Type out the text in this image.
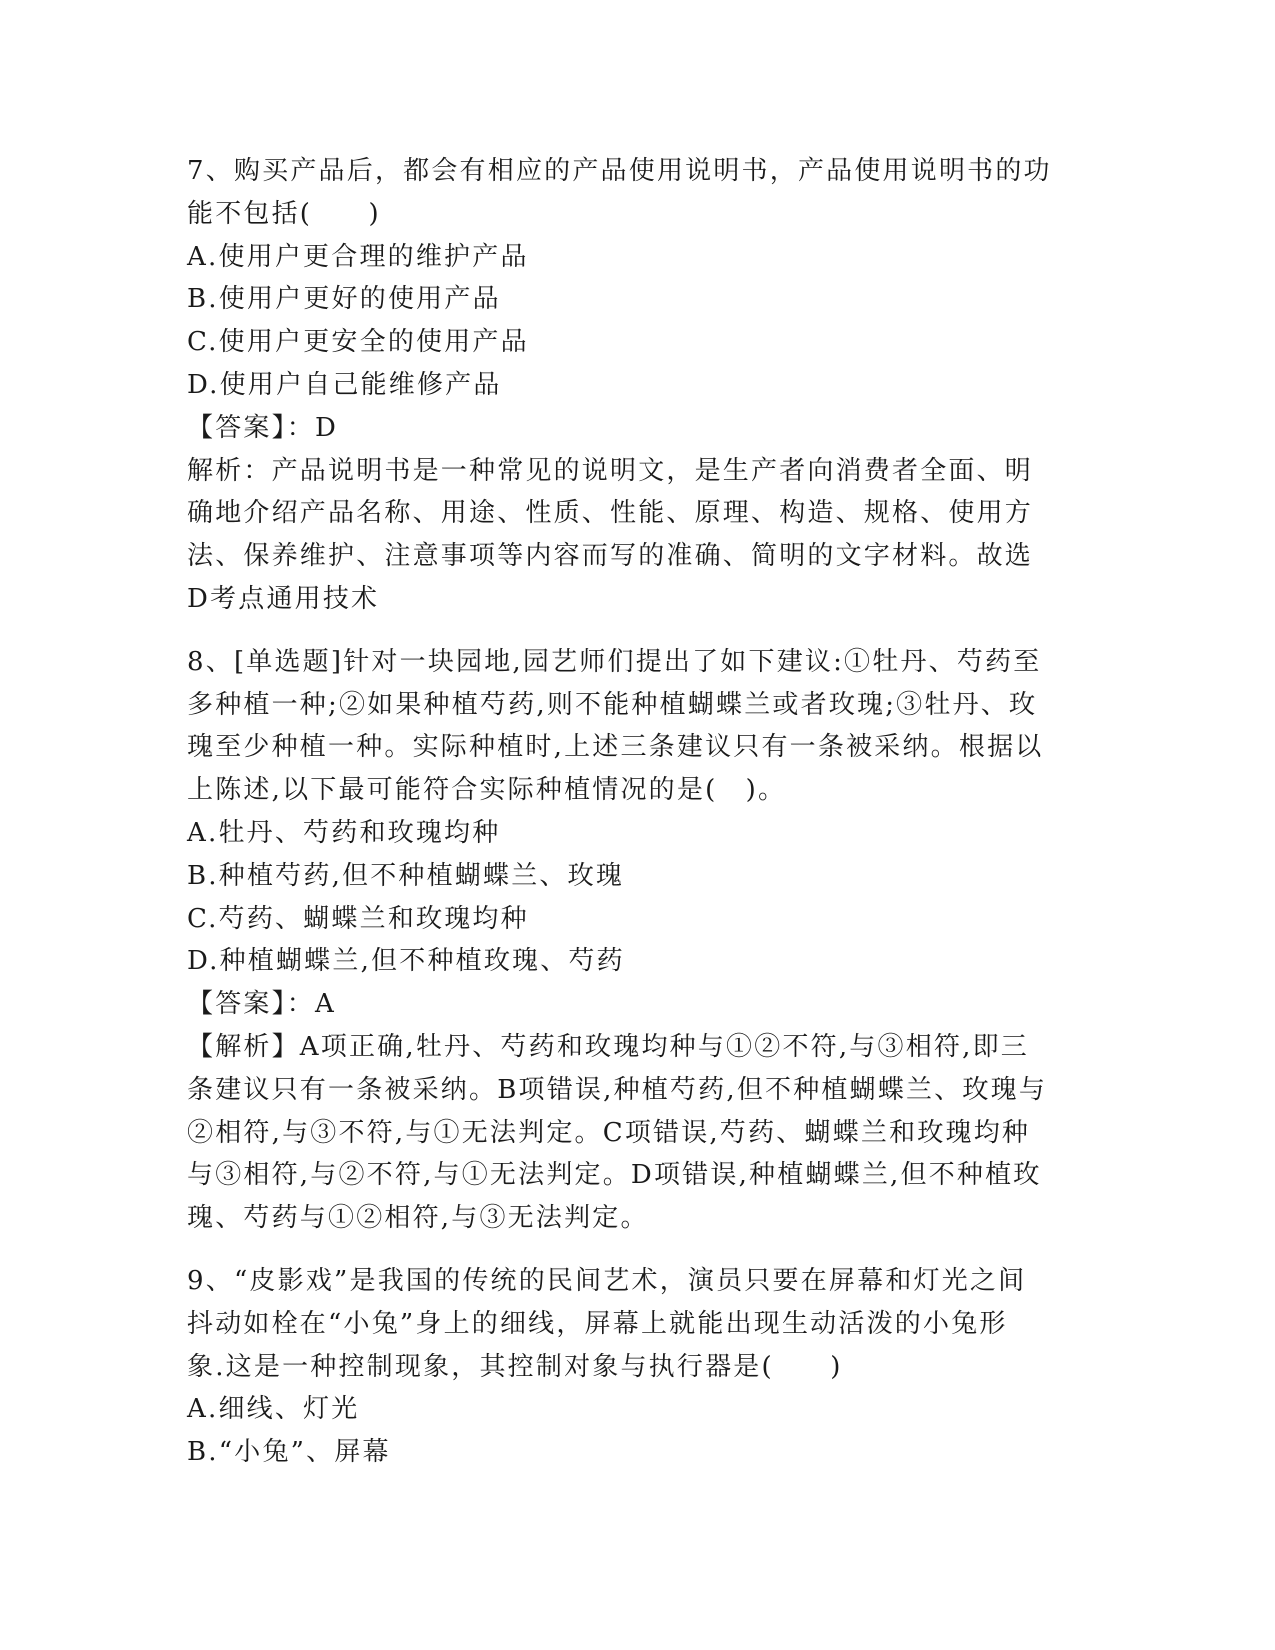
7、购买产品后，都会有相应的产品使用说明书，产品使用说明书的功
能不包括(　　)
A.使用户更合理的维护产品
B.使用户更好的使用产品
C.使用户更安全的使用产品
D.使用户自己能维修产品
【答案】：D
解析：产品说明书是一种常见的说明文，是生产者向消费者全面、明
确地介绍产品名称、用途、性质、性能、原理、构造、规格、使用方
法、保养维护、注意事项等内容而写的准确、简明的文字材料。故选
D考点通用技术
8、[单选题]针对一块园地,园艺师们提出了如下建议:①牡丹、芍药至
多种植一种;②如果种植芍药,则不能种植蝴蝶兰或者玫瑰;③牡丹、玫
瑰至少种植一种。实际种植时,上述三条建议只有一条被采纳。根据以
上陈述,以下最可能符合实际种植情况的是(　)。
A.牡丹、芍药和玫瑰均种
B.种植芍药,但不种植蝴蝶兰、玫瑰
C.芍药、蝴蝶兰和玫瑰均种
D.种植蝴蝶兰,但不种植玫瑰、芍药
【答案】：A
【解析】A项正确,牡丹、芍药和玫瑰均种与①②不符,与③相符,即三
条建议只有一条被采纳。B项错误,种植芍药,但不种植蝴蝶兰、玫瑰与
②相符,与③不符,与①无法判定。C项错误,芍药、蝴蝶兰和玫瑰均种
与③相符,与②不符,与①无法判定。D项错误,种植蝴蝶兰,但不种植玫
瑰、芍药与①②相符,与③无法判定。
9、“皮影戏”是我国的传统的民间艺术，演员只要在屏幕和灯光之间
抖动如栓在“小兔”身上的细线，屏幕上就能出现生动活泼的小兔形
象.这是一种控制现象，其控制对象与执行器是(　　)
A.细线、灯光
B.“小兔”、屏幕
